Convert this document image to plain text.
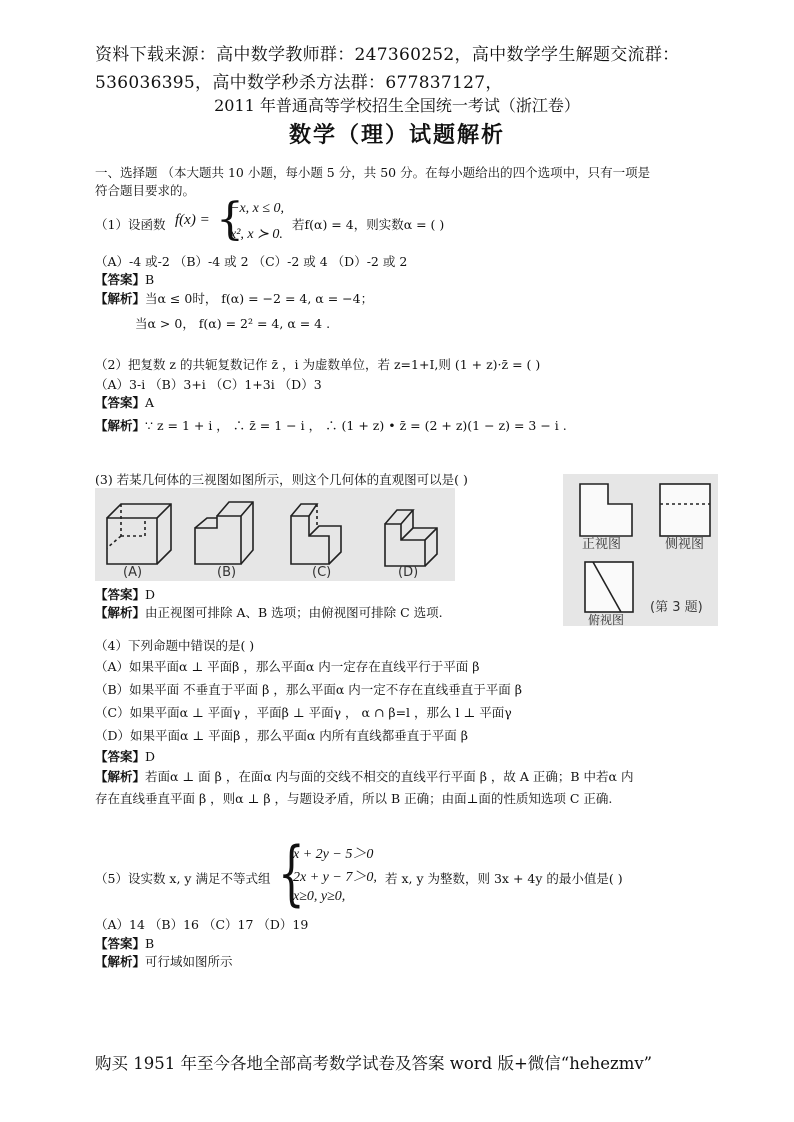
资料下载来源：高中数学教师群：247360252，高中数学学生解题交流群：
536036395，高中数学秒杀方法群：677837127，
2011 年普通高等学校招生全国统一考试（浙江卷）
数学（理）试题解析
一、选择题 （本大题共 10 小题，每小题 5 分，共 50 分。在每小题给出的四个选项中，只有一项是
符合题目要求的。
（1）设函数 f(x) = {
−x, x ≤ 0,
x², x ≻ 0.
若f(α) = 4，则实数α = ( )
（A）-4 或-2 （B）-4 或 2 （C）-2 或 4 （D）-2 或 2
【答案】B
【解析】当α ≤ 0时， f(α) = −2 = 4, α = −4；
当α > 0， f(α) = 2² = 4, α = 4 .
（2）把复数 z 的共轭复数记作 z̄ ，i 为虚数单位，若 z=1+I,则 (1 + z)·z̄ = ( )
（A）3-i （B）3+i （C）1+3i （D）3
【答案】A
【解析】∵ z = 1 + i ， ∴ z̄ = 1 − i ， ∴ (1 + z) • z̄ = (2 + z)(1 − z) = 3 − i .
(3) 若某几何体的三视图如图所示，则这个几何体的直观图可以是( )
(A)	(B)	(C)	(D)
正视图	侧视图
俯视图
(第 3 题)
【答案】D
【解析】由正视图可排除 A、B 选项；由俯视图可排除 C 选项.
（4）下列命题中错误的是( )
（A）如果平面α ⊥ 平面β ，那么平面α 内一定存在直线平行于平面 β
（B）如果平面 不垂直于平面 β ，那么平面α 内一定不存在直线垂直于平面 β
（C）如果平面α ⊥ 平面γ ，平面β ⊥ 平面γ ， α ∩ β=l ，那么 l ⊥ 平面γ
（D）如果平面α ⊥ 平面β ，那么平面α 内所有直线都垂直于平面 β
【答案】D
【解析】若面α ⊥ 面 β ，在面α 内与面的交线不相交的直线平行平面 β ，故 A 正确；B 中若α 内
存在直线垂直平面 β ，则α ⊥ β ，与题设矛盾，所以 B 正确；由面⊥面的性质知选项 C 正确.
（5）设实数 x, y 满足不等式组 {
x + 2y − 5＞0
2x + y − 7＞0,
x≥0, y≥0,
若 x, y 为整数，则 3x + 4y 的最小值是( )
（A）14 （B）16 （C）17 （D）19
【答案】B
【解析】可行域如图所示
购买 1951 年至今各地全部高考数学试卷及答案 word 版+微信“hehezmv”
